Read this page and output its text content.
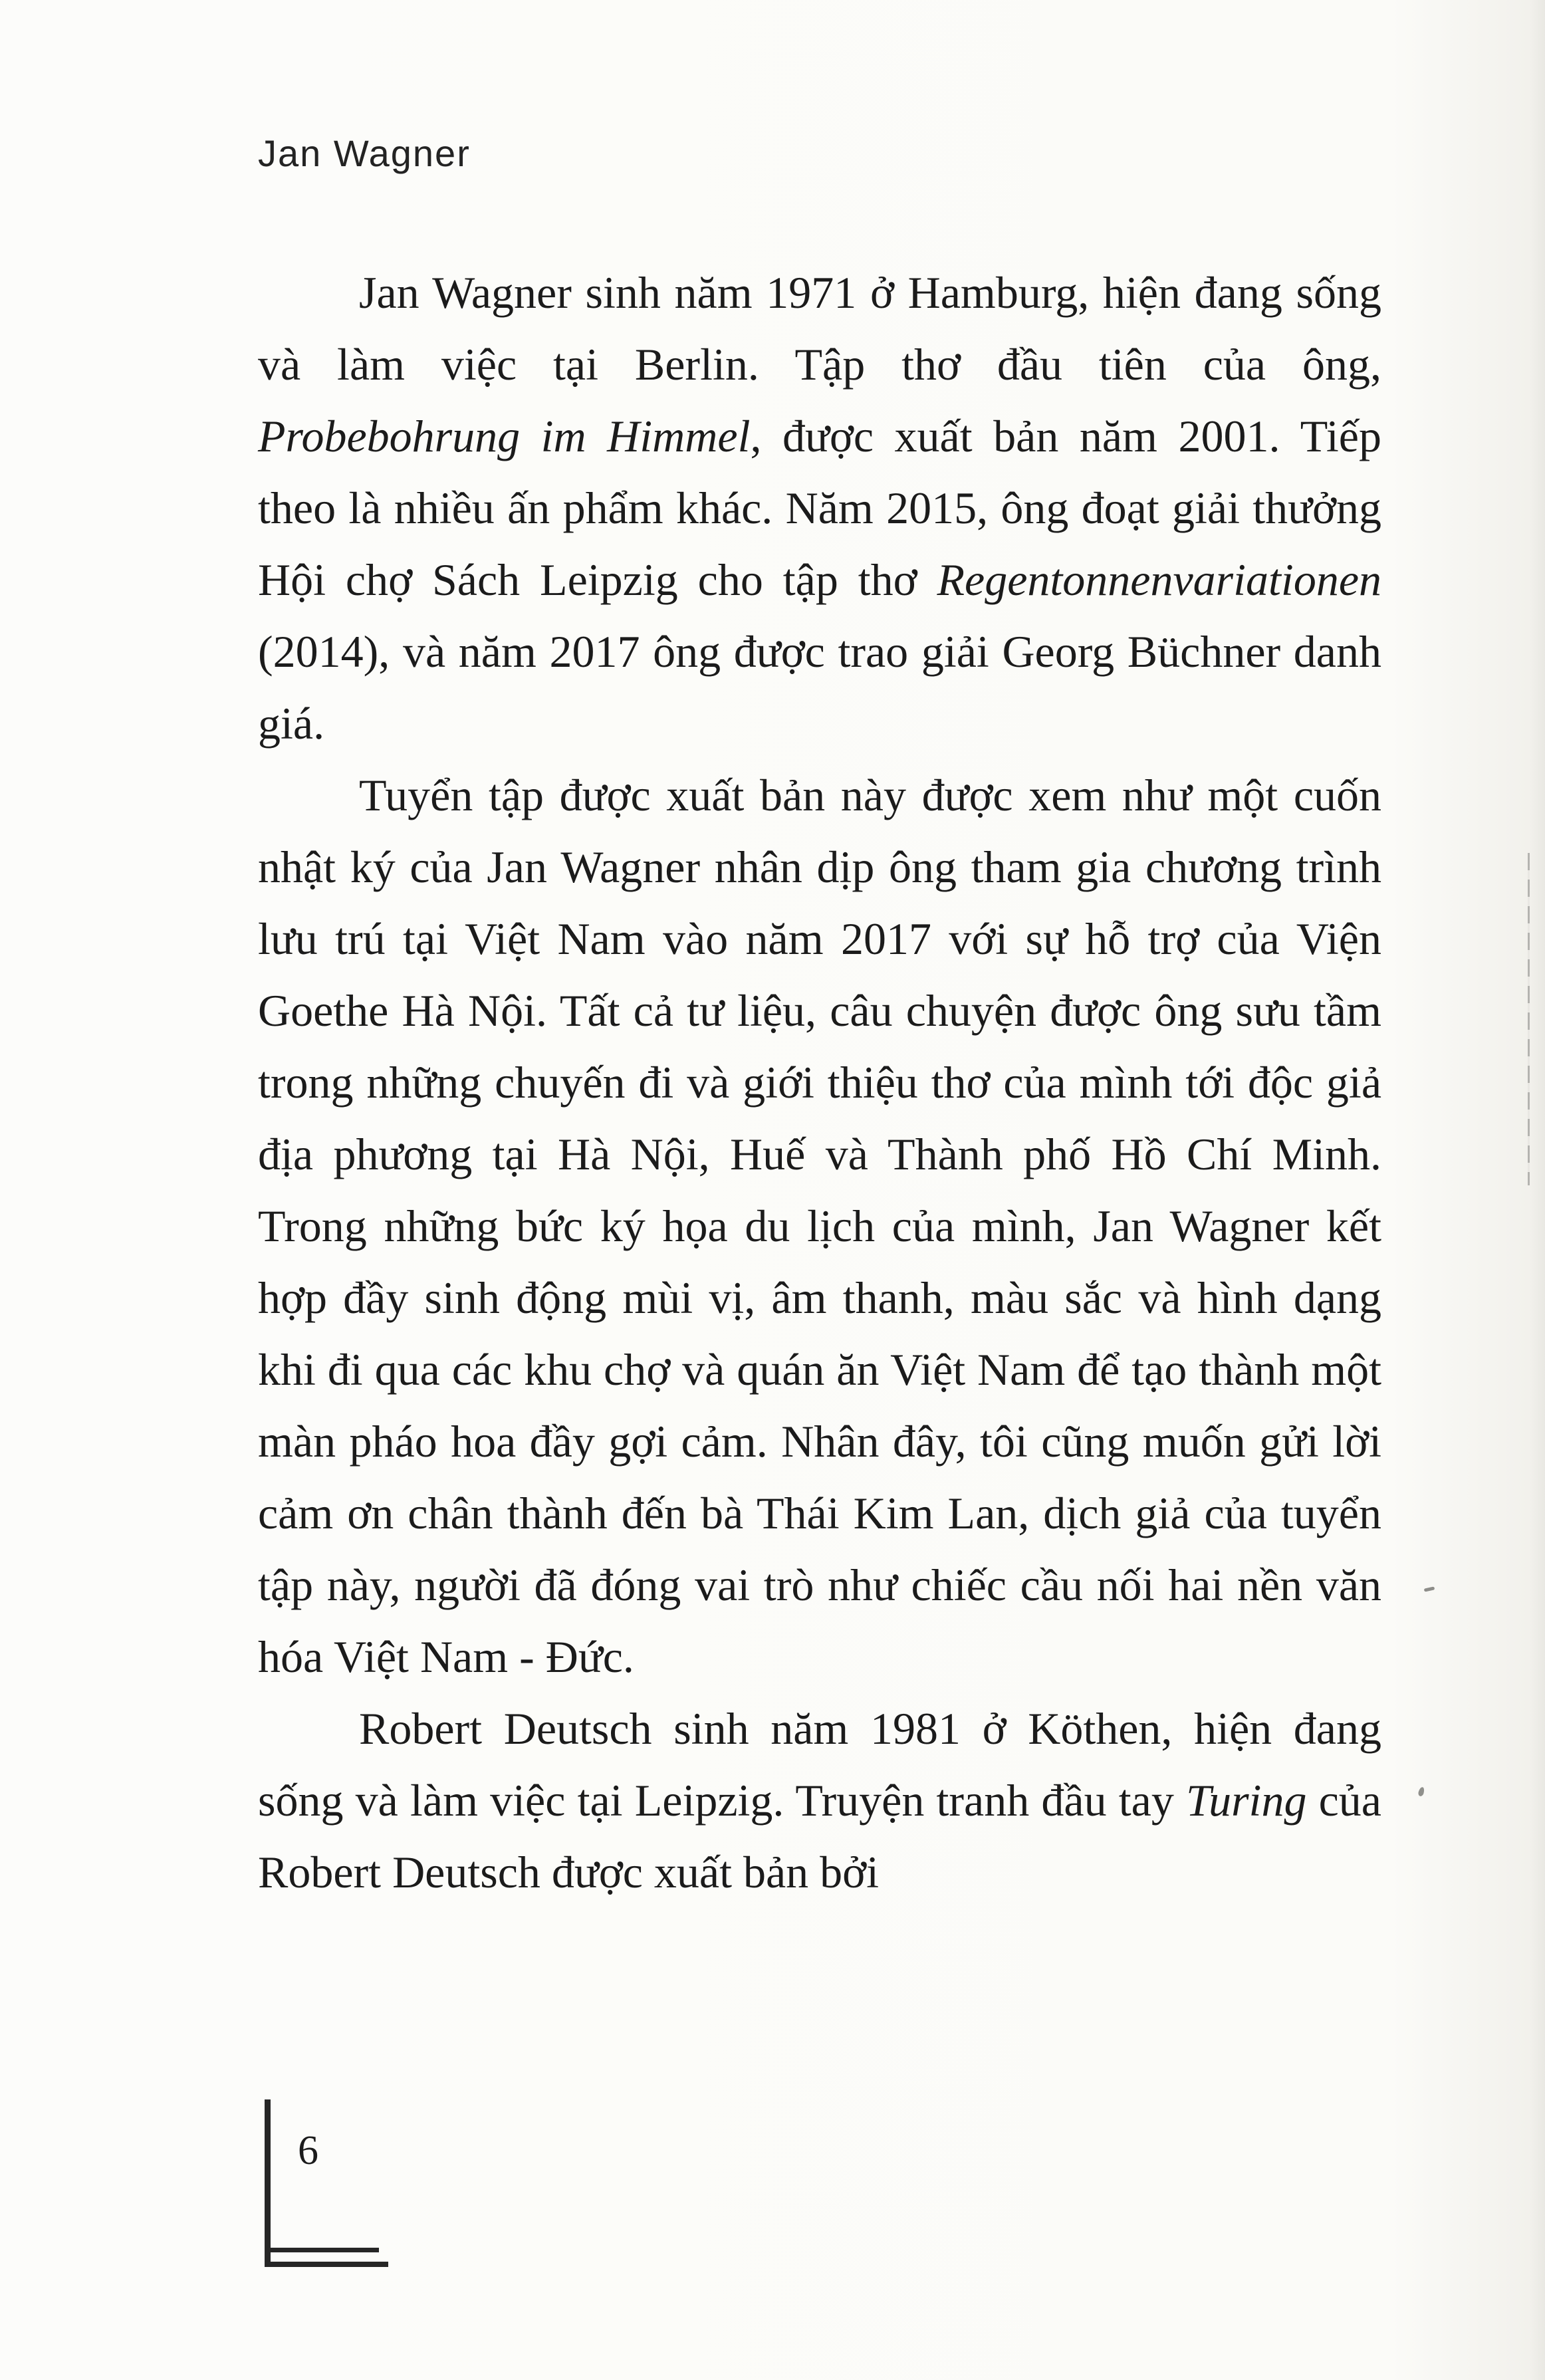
Jan Wagner

Jan Wagner sinh năm 1971 ở Hamburg, hiện đang sống và làm việc tại Berlin. Tập thơ đầu tiên của ông, Probebohrung im Himmel, được xuất bản năm 2001. Tiếp theo là nhiều ấn phẩm khác. Năm 2015, ông đoạt giải thưởng Hội chợ Sách Leipzig cho tập thơ Regentonnenvariationen (2014), và năm 2017 ông được trao giải Georg Büchner danh giá.

Tuyển tập được xuất bản này được xem như một cuốn nhật ký của Jan Wagner nhân dịp ông tham gia chương trình lưu trú tại Việt Nam vào năm 2017 với sự hỗ trợ của Viện Goethe Hà Nội. Tất cả tư liệu, câu chuyện được ông sưu tầm trong những chuyến đi và giới thiệu thơ của mình tới độc giả địa phương tại Hà Nội, Huế và Thành phố Hồ Chí Minh. Trong những bức ký họa du lịch của mình, Jan Wagner kết hợp đầy sinh động mùi vị, âm thanh, màu sắc và hình dạng khi đi qua các khu chợ và quán ăn Việt Nam để tạo thành một màn pháo hoa đầy gợi cảm. Nhân đây, tôi cũng muốn gửi lời cảm ơn chân thành đến bà Thái Kim Lan, dịch giả của tuyển tập này, người đã đóng vai trò như chiếc cầu nối hai nền văn hóa Việt Nam - Đức.

Robert Deutsch sinh năm 1981 ở Köthen, hiện đang sống và làm việc tại Leipzig. Truyện tranh đầu tay Turing của Robert Deutsch được xuất bản bởi

6
